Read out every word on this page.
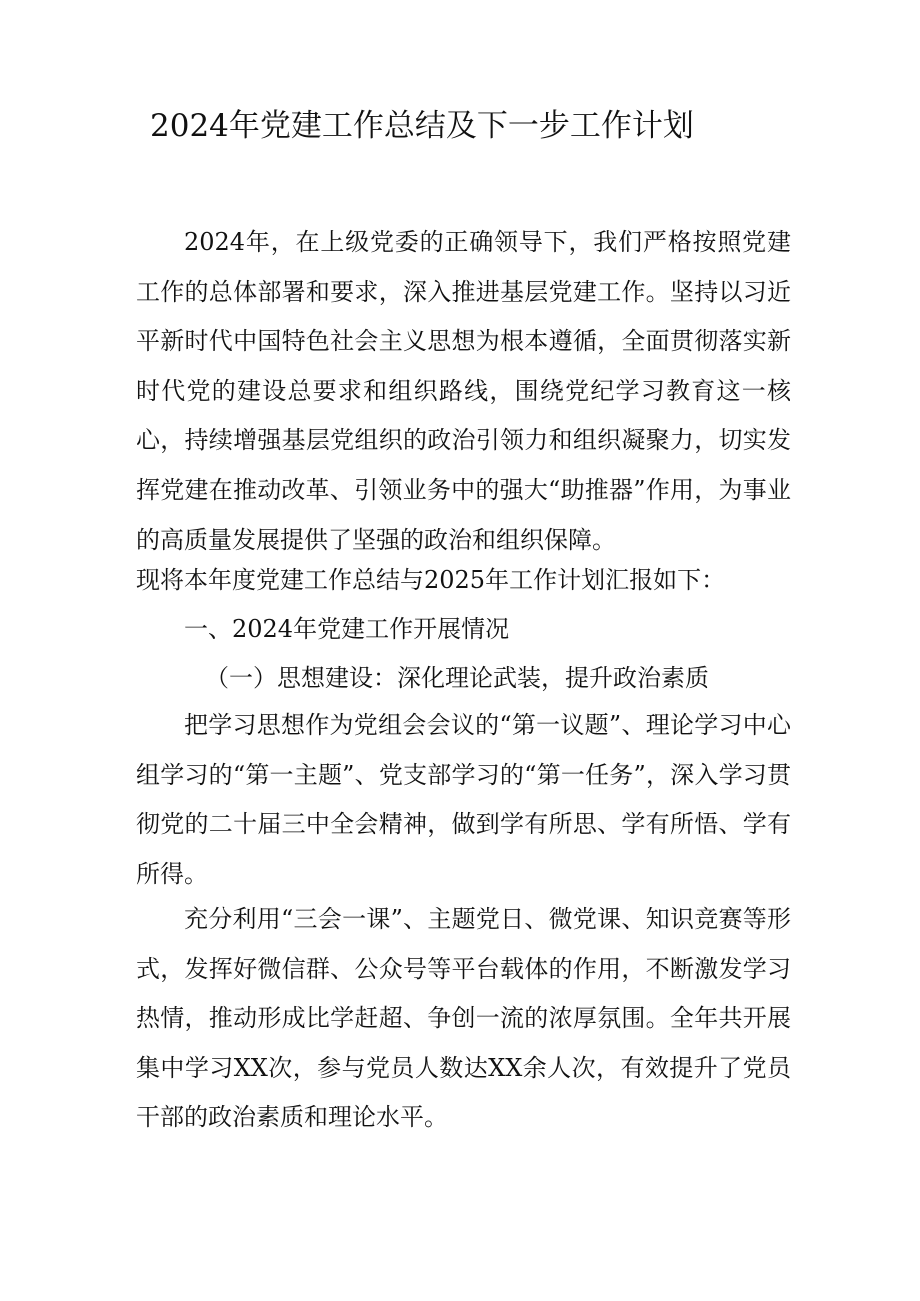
2024年党建工作总结及下一步工作计划

2024年，在上级党委的正确领导下，我们严格按照党建工作的总体部署和要求，深入推进基层党建工作。坚持以习近平新时代中国特色社会主义思想为根本遵循，全面贯彻落实新时代党的建设总要求和组织路线，围绕党纪学习教育这一核心，持续增强基层党组织的政治引领力和组织凝聚力，切实发挥党建在推动改革、引领业务中的强大“助推器”作用，为事业的高质量发展提供了坚强的政治和组织保障。

现将本年度党建工作总结与2025年工作计划汇报如下：

一、2024年党建工作开展情况

（一）思想建设：深化理论武装，提升政治素质

把学习思想作为党组会会议的“第一议题”、理论学习中心组学习的“第一主题”、党支部学习的“第一任务”，深入学习贯彻党的二十届三中全会精神，做到学有所思、学有所悟、学有所得。

充分利用“三会一课”、主题党日、微党课、知识竞赛等形式，发挥好微信群、公众号等平台载体的作用，不断激发学习热情，推动形成比学赶超、争创一流的浓厚氛围。全年共开展集中学习XX次，参与党员人数达XX余人次，有效提升了党员干部的政治素质和理论水平。
